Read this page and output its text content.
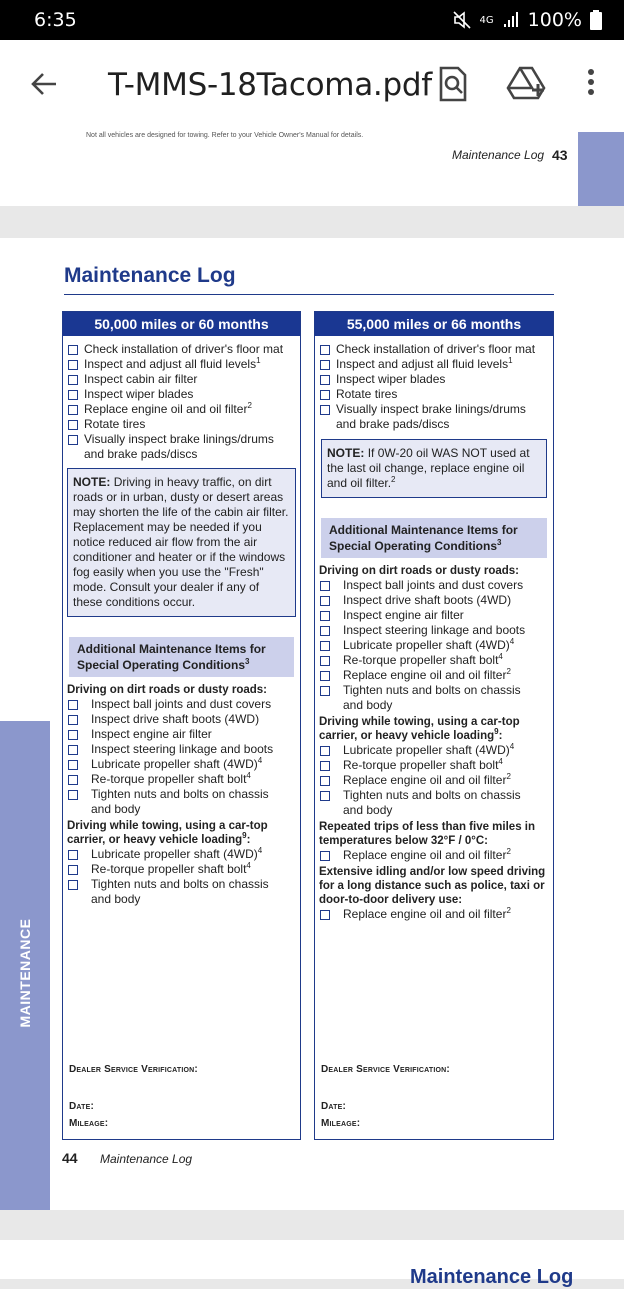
6:35	4G 100%
T-MMS-18Tacoma.pdf
Not all vehicles are designed for towing. Refer to your Vehicle Owner's Manual for details.
Maintenance Log 43
Maintenance Log
50,000 miles or 60 months
Check installation of driver's floor mat
Inspect and adjust all fluid levels$^1$
Inspect cabin air filter
Inspect wiper blades
Replace engine oil and oil filter$^2$
Rotate tires
Visually inspect brake linings/drums
and brake pads/discs
NOTE: Driving in heavy traffic, on dirt roads or in urban, dusty or desert areas may shorten the life of the cabin air filter. Replacement may be needed if you notice reduced air flow from the air conditioner and heater or if the windows fog easily when you use the "Fresh" mode. Consult your dealer if any of these conditions occur.
Additional Maintenance Items for
Special Operating Conditions$^3$
Driving on dirt roads or dusty roads:
Inspect ball joints and dust covers
Inspect drive shaft boots (4WD)
Inspect engine air filter
Inspect steering linkage and boots
Lubricate propeller shaft $(4WD)^4$
Re-torque propeller shaft bolt$^4$
Tighten nuts and bolts on chassis
and body
Driving while towing, using a car-top carrier, or heavy vehicle loading$^9$:
Lubricate propeller shaft $(4WD)^4$
Re-torque propeller shaft bolt$^4$
Tighten nuts and bolts on chassis
and body
Dealer Service Verification:
Date:
Mileage:
55,000 miles or 66 months
Check installation of driver's floor mat
Inspect and adjust all fluid levels$^1$
Inspect wiper blades
Rotate tires
Visually inspect brake linings/drums
and brake pads/discs
NOTE: If 0W-20 oil WAS NOT used at the last oil change, replace engine oil and oil filter.$^2$
Additional Maintenance Items for
Special Operating Conditions$^3$
Driving on dirt roads or dusty roads:
Inspect ball joints and dust covers
Inspect drive shaft boots (4WD)
Inspect engine air filter
Inspect steering linkage and boots
Lubricate propeller shaft $(4WD)^4$
Re-torque propeller shaft bolt$^4$
Replace engine oil and oil filter$^2$
Tighten nuts and bolts on chassis
and body
Driving while towing, using a car-top carrier, or heavy vehicle loading$^9$:
Lubricate propeller shaft $(4WD)^4$
Re-torque propeller shaft bolt$^4$
Replace engine oil and oil filter$^2$
Tighten nuts and bolts on chassis
and body
Repeated trips of less than five miles in temperatures below 32°F / 0°C:
Replace engine oil and oil filter$^2$
Extensive idling and/or low speed driving for a long distance such as police, taxi or door-to-door delivery use:
Replace engine oil and oil filter$^2$
Dealer Service Verification:
Date:
Mileage:
44 Maintenance Log
MAINTENANCE
Maintenance Log
